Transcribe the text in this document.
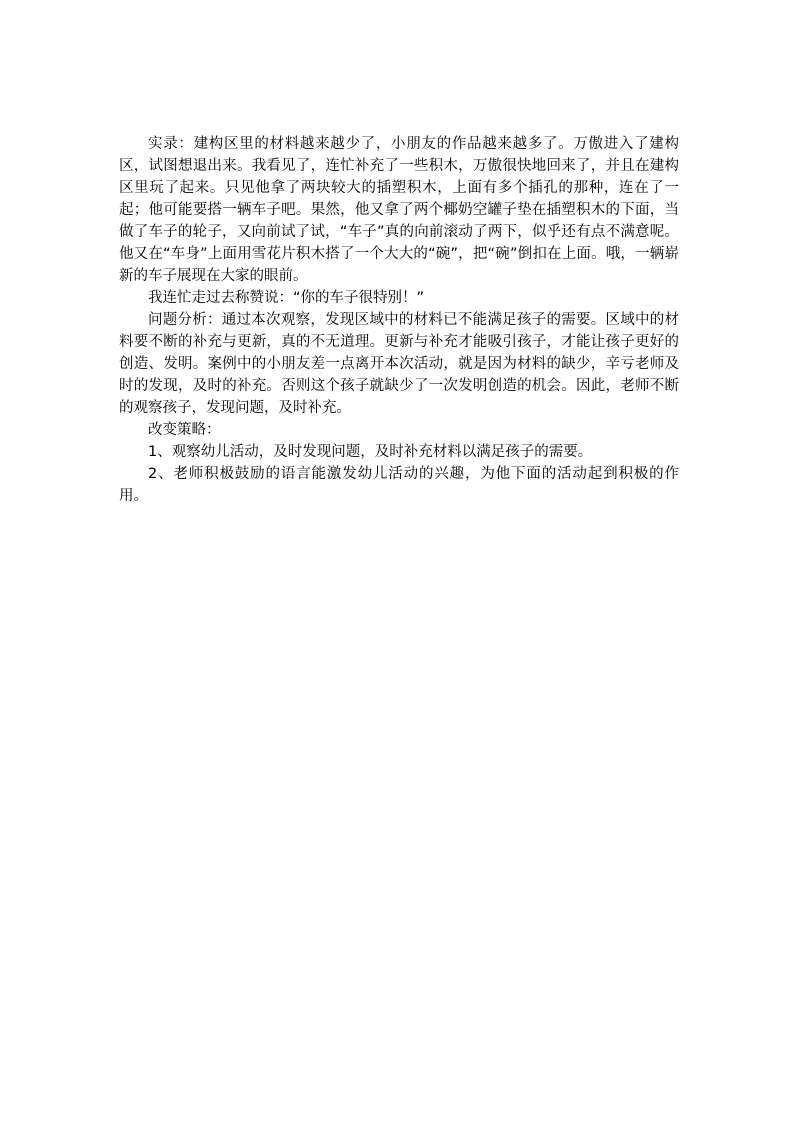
实录：建构区里的材料越来越少了，小朋友的作品越来越多了。万傲进入了建构区，试图想退出来。我看见了，连忙补充了一些积木，万傲很快地回来了，并且在建构区里玩了起来。只见他拿了两块较大的插塑积木，上面有多个插孔的那种，连在了一起；他可能要搭一辆车子吧。果然，他又拿了两个椰奶空罐子垫在插塑积木的下面，当做了车子的轮子，又向前试了试，“车子”真的向前滚动了两下，似乎还有点不满意呢。他又在“车身”上面用雪花片积木搭了一个大大的“碗”，把“碗”倒扣在上面。哦，一辆崭新的车子展现在大家的眼前。

我连忙走过去称赞说：“你的车子很特别！”

问题分析：通过本次观察，发现区域中的材料已不能满足孩子的需要。区域中的材料要不断的补充与更新，真的不无道理。更新与补充才能吸引孩子，才能让孩子更好的创造、发明。案例中的小朋友差一点离开本次活动，就是因为材料的缺少，辛亏老师及时的发现，及时的补充。否则这个孩子就缺少了一次发明创造的机会。因此，老师不断的观察孩子，发现问题，及时补充。

改变策略：

1、观察幼儿活动，及时发现问题，及时补充材料以满足孩子的需要。

2、老师积极鼓励的语言能激发幼儿活动的兴趣，为他下面的活动起到积极的作用。
